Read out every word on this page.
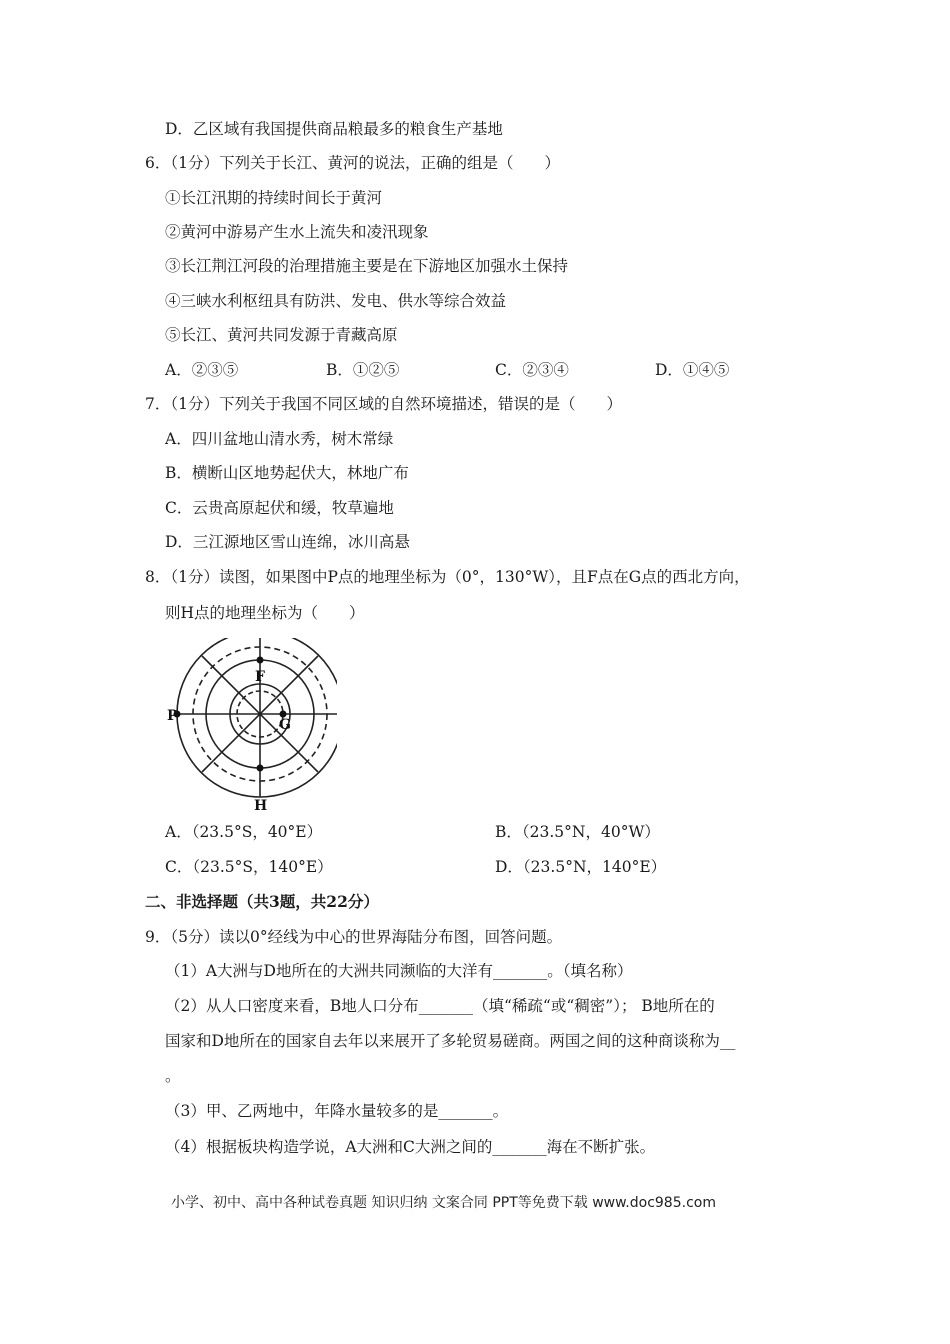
D．乙区域有我国提供商品粮最多的粮食生产基地
6．（1分）下列关于长江、黄河的说法，正确的组是（　　）
①长江汛期的持续时间长于黄河
②黄河中游易产生水上流失和凌汛现象
③长江荆江河段的治理措施主要是在下游地区加强水土保持
④三峡水利枢纽具有防洪、发电、供水等综合效益
⑤长江、黄河共同发源于青藏高原
A．②③⑤	B．①②⑤	C．②③④	D．①④⑤
7．（1分）下列关于我国不同区域的自然环境描述，错误的是（　　）
A．四川盆地山清水秀，树木常绿
B．横断山区地势起伏大，林地广布
C．云贵高原起伏和缓，牧草遍地
D．三江源地区雪山连绵，冰川高悬
8．（1分）读图，如果图中P点的地理坐标为（0°，130°W），且F点在G点的西北方向，
则H点的地理坐标为（　　）
F
P
G
H
A．（23.5°S，40°E）	B．（23.5°N，40°W）
C．（23.5°S，140°E）	D．（23.5°N，140°E）
二、非选择题（共3题，共22分）
9．（5分）读以0°经线为中心的世界海陆分布图，回答问题。
（1）A大洲与D地所在的大洲共同濒临的大洋有_______。（填名称）
（2）从人口密度来看，B地人口分布_______（填“稀疏“或“稠密”）； B地所在的
国家和D地所在的国家自去年以来展开了多轮贸易磋商。两国之间的这种商谈称为__
。
（3）甲、乙两地中，年降水量较多的是_______。
（4）根据板块构造学说，A大洲和C大洲之间的_______海在不断扩张。
小学、初中、高中各种试卷真题 知识归纳 文案合同 PPT等免费下载 www.doc985.com
